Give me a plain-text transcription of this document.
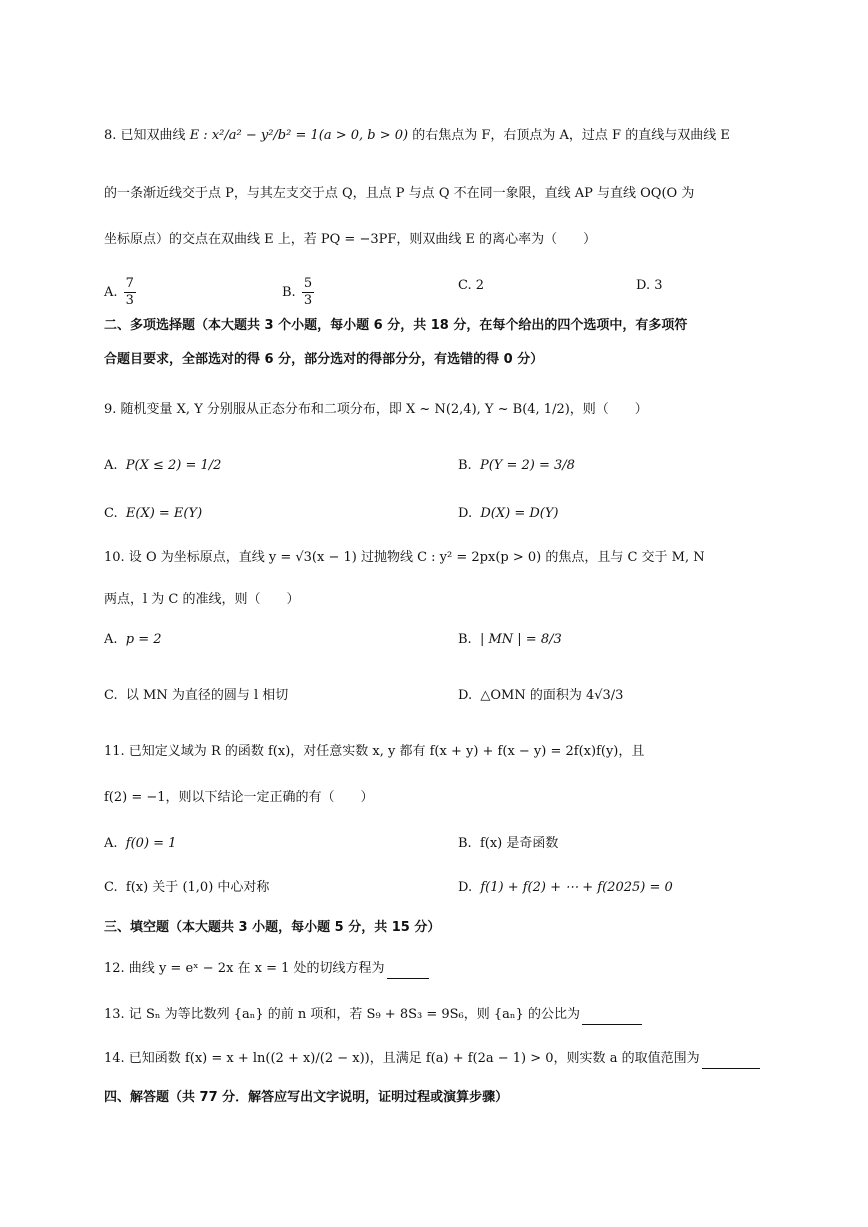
8. 已知双曲线 E : x²/a² − y²/b² = 1(a > 0, b > 0) 的右焦点为 F，右顶点为 A，过点 F 的直线与双曲线 E
的一条渐近线交于点 P，与其左支交于点 Q，且点 P 与点 Q 不在同一象限，直线 AP 与直线 OQ(O 为
坐标原点）的交点在双曲线 E 上，若 PQ = −3PF，则双曲线 E 的离心率为（　　）
A. $\frac{7}{3}$	B. $\frac{5}{3}$	C. 2	D. 3
二、多项选择题（本大题共 3 个小题，每小题 6 分，共 18 分，在每个给出的四个选项中，有多项符
合题目要求，全部选对的得 6 分，部分选对的得部分分，有选错的得 0 分）
9. 随机变量 X, Y 分别服从正态分布和二项分布，即 X ~ N(2,4), Y ~ B(4, 1/2)，则（　　）
A.  P(X ≤ 2) = 1/2	B.  P(Y = 2) = 3/8
C.  E(X) = E(Y)	D.  D(X) = D(Y)
10. 设 O 为坐标原点，直线 y = √3(x − 1) 过抛物线 C : y² = 2px(p > 0) 的焦点，且与 C 交于 M, N
两点，l 为 C 的准线，则（　　）
A.  p = 2	B.  | MN | = 8/3
C.  以 MN 为直径的圆与 l 相切	D.  △OMN 的面积为 4√3/3
11. 已知定义域为 R 的函数 f(x)，对任意实数 x, y 都有 f(x + y) + f(x − y) = 2f(x)f(y)，且
f(2) = −1，则以下结论一定正确的有（　　）
A.  f(0) = 1	B.  f(x) 是奇函数
C.  f(x) 关于 (1,0) 中心对称	D.  f(1) + f(2) + ⋯ + f(2025) = 0
三、填空题（本大题共 3 小题，每小题 5 分，共 15 分）
12. 曲线 y = eˣ − 2x 在 x = 1 处的切线方程为
13. 记 Sₙ 为等比数列 {aₙ} 的前 n 项和，若 S₉ + 8S₃ = 9S₆，则 {aₙ} 的公比为
14. 已知函数 f(x) = x + ln((2 + x)/(2 − x))，且满足 f(a) + f(2a − 1) > 0，则实数 a 的取值范围为
四、解答题（共 77 分．解答应写出文字说明，证明过程或演算步骤）
